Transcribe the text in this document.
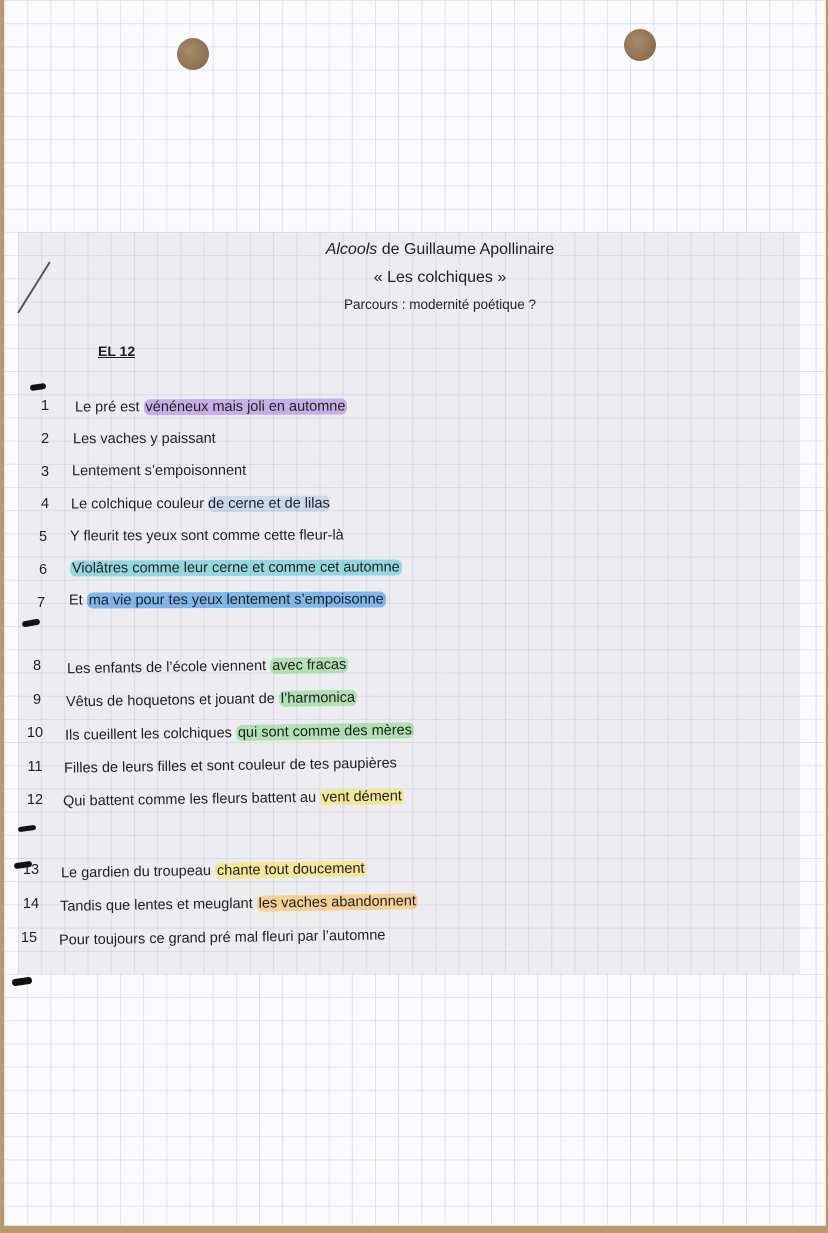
Alcools de Guillaume Apollinaire
« Les colchiques »
Parcours : modernité poétique ?
EL 12
1	Le pré est vénéneux mais joli en automne
2	Les vaches y paissant
3	Lentement s’empoisonnent
4	Le colchique couleur de cerne et de lilas
5	Y fleurit tes yeux sont comme cette fleur-là
6	Violâtres comme leur cerne et comme cet automne
7	Et ma vie pour tes yeux lentement s’empoisonne
8	Les enfants de l’école viennent avec fracas
9	Vêtus de hoquetons et jouant de l’harmonica
10	Ils cueillent les colchiques qui sont comme des mères
11	Filles de leurs filles et sont couleur de tes paupières
12	Qui battent comme les fleurs battent au vent dément
13	Le gardien du troupeau chante tout doucement
14	Tandis que lentes et meuglant les vaches abandonnent
15	Pour toujours ce grand pré mal fleuri par l’automne
